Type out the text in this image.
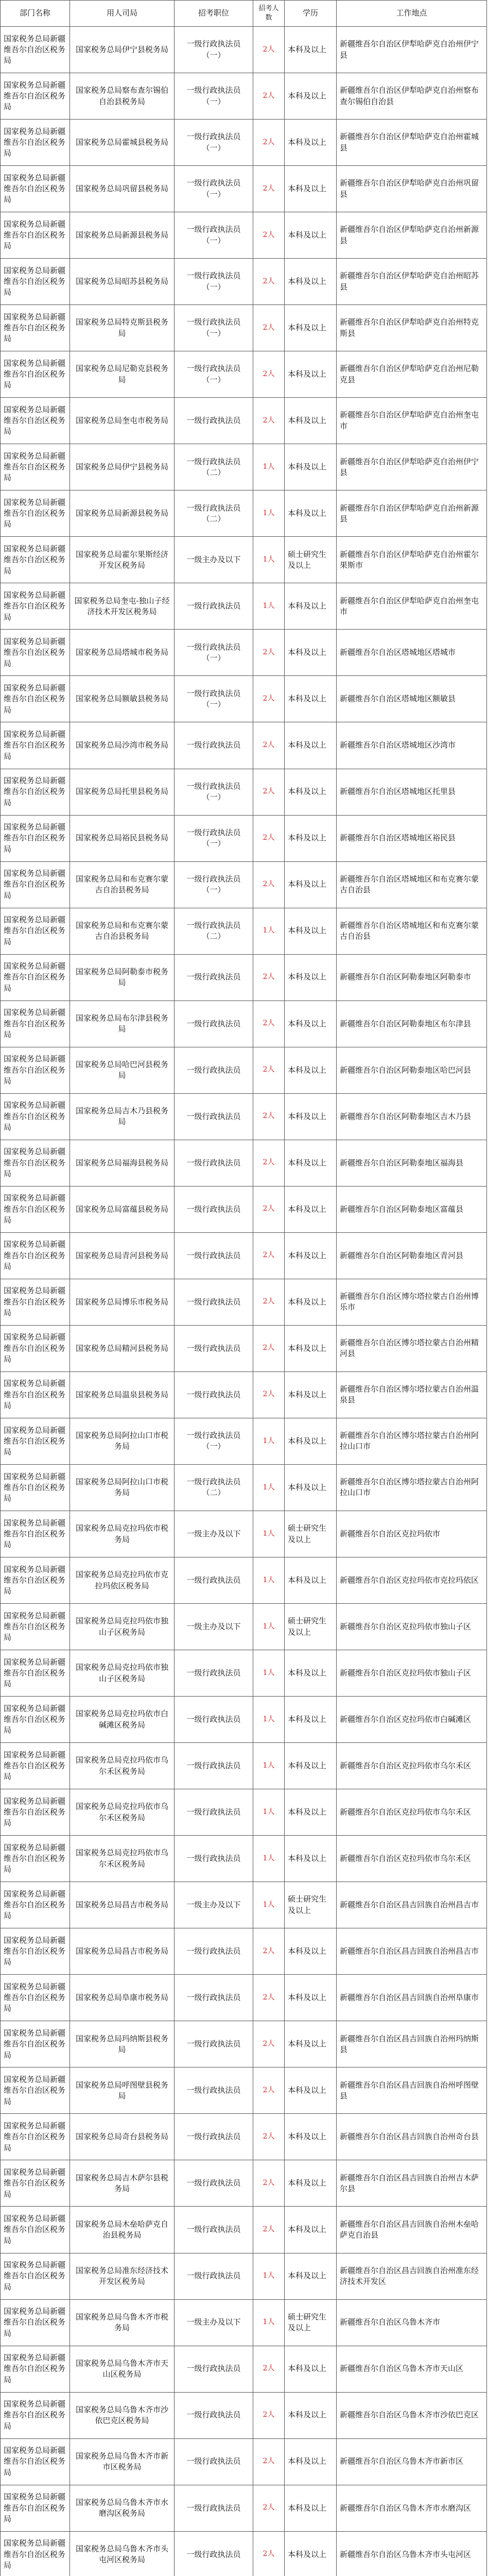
部门名称	用人司局	招考职位	招考人数	学历	工作地点
国家税务总局新疆维吾尔自治区税务局	国家税务总局伊宁县税务局	一级行政执法员（一）	2人	本科及以上	新疆维吾尔自治区伊犁哈萨克自治州伊宁县
国家税务总局新疆维吾尔自治区税务局	国家税务总局察布查尔锡伯自治县税务局	一级行政执法员（一）	2人	本科及以上	新疆维吾尔自治区伊犁哈萨克自治州察布查尔锡伯自治县
国家税务总局新疆维吾尔自治区税务局	国家税务总局霍城县税务局	一级行政执法员（一）	2人	本科及以上	新疆维吾尔自治区伊犁哈萨克自治州霍城县
国家税务总局新疆维吾尔自治区税务局	国家税务总局巩留县税务局	一级行政执法员（一）	2人	本科及以上	新疆维吾尔自治区伊犁哈萨克自治州巩留县
国家税务总局新疆维吾尔自治区税务局	国家税务总局新源县税务局	一级行政执法员（一）	2人	本科及以上	新疆维吾尔自治区伊犁哈萨克自治州新源县
国家税务总局新疆维吾尔自治区税务局	国家税务总局昭苏县税务局	一级行政执法员（一）	2人	本科及以上	新疆维吾尔自治区伊犁哈萨克自治州昭苏县
国家税务总局新疆维吾尔自治区税务局	国家税务总局特克斯县税务局	一级行政执法员（一）	2人	本科及以上	新疆维吾尔自治区伊犁哈萨克自治州特克斯县
国家税务总局新疆维吾尔自治区税务局	国家税务总局尼勒克县税务局	一级行政执法员（一）	2人	本科及以上	新疆维吾尔自治区伊犁哈萨克自治州尼勒克县
国家税务总局新疆维吾尔自治区税务局	国家税务总局奎屯市税务局	一级行政执法员	2人	本科及以上	新疆维吾尔自治区伊犁哈萨克自治州奎屯市
国家税务总局新疆维吾尔自治区税务局	国家税务总局伊宁县税务局	一级行政执法员（二）	1人	本科及以上	新疆维吾尔自治区伊犁哈萨克自治州伊宁县
国家税务总局新疆维吾尔自治区税务局	国家税务总局新源县税务局	一级行政执法员（二）	1人	本科及以上	新疆维吾尔自治区伊犁哈萨克自治州新源县
国家税务总局新疆维吾尔自治区税务局	国家税务总局霍尔果斯经济开发区税务局	一级主办及以下	1人	硕士研究生及以上	新疆维吾尔自治区伊犁哈萨克自治州霍尔果斯市
国家税务总局新疆维吾尔自治区税务局	国家税务总局奎屯-独山子经济技术开发区税务局	一级行政执法员	1人	本科及以上	新疆维吾尔自治区伊犁哈萨克自治州奎屯市
国家税务总局新疆维吾尔自治区税务局	国家税务总局塔城市税务局	一级行政执法员（一）	2人	本科及以上	新疆维吾尔自治区塔城地区塔城市
国家税务总局新疆维吾尔自治区税务局	国家税务总局额敏县税务局	一级行政执法员（一）	2人	本科及以上	新疆维吾尔自治区塔城地区额敏县
国家税务总局新疆维吾尔自治区税务局	国家税务总局沙湾市税务局	一级行政执法员	2人	本科及以上	新疆维吾尔自治区塔城地区沙湾市
国家税务总局新疆维吾尔自治区税务局	国家税务总局托里县税务局	一级行政执法员（一）	2人	本科及以上	新疆维吾尔自治区塔城地区托里县
国家税务总局新疆维吾尔自治区税务局	国家税务总局裕民县税务局	一级行政执法员（一）	2人	本科及以上	新疆维吾尔自治区塔城地区裕民县
国家税务总局新疆维吾尔自治区税务局	国家税务总局和布克赛尔蒙古自治县税务局	一级行政执法员（一）	2人	本科及以上	新疆维吾尔自治区塔城地区和布克赛尔蒙古自治县
国家税务总局新疆维吾尔自治区税务局	国家税务总局和布克赛尔蒙古自治县税务局	一级行政执法员（二）	1人	本科及以上	新疆维吾尔自治区塔城地区和布克赛尔蒙古自治县
国家税务总局新疆维吾尔自治区税务局	国家税务总局阿勒泰市税务局	一级行政执法员	2人	本科及以上	新疆维吾尔自治区阿勒泰地区阿勒泰市
国家税务总局新疆维吾尔自治区税务局	国家税务总局布尔津县税务局	一级行政执法员	2人	本科及以上	新疆维吾尔自治区阿勒泰地区布尔津县
国家税务总局新疆维吾尔自治区税务局	国家税务总局哈巴河县税务局	一级行政执法员	2人	本科及以上	新疆维吾尔自治区阿勒泰地区哈巴河县
国家税务总局新疆维吾尔自治区税务局	国家税务总局吉木乃县税务局	一级行政执法员	2人	本科及以上	新疆维吾尔自治区阿勒泰地区吉木乃县
国家税务总局新疆维吾尔自治区税务局	国家税务总局福海县税务局	一级行政执法员	2人	本科及以上	新疆维吾尔自治区阿勒泰地区福海县
国家税务总局新疆维吾尔自治区税务局	国家税务总局富蕴县税务局	一级行政执法员	2人	本科及以上	新疆维吾尔自治区阿勒泰地区富蕴县
国家税务总局新疆维吾尔自治区税务局	国家税务总局青河县税务局	一级行政执法员	2人	本科及以上	新疆维吾尔自治区阿勒泰地区青河县
国家税务总局新疆维吾尔自治区税务局	国家税务总局博乐市税务局	一级行政执法员	2人	本科及以上	新疆维吾尔自治区博尔塔拉蒙古自治州博乐市
国家税务总局新疆维吾尔自治区税务局	国家税务总局精河县税务局	一级行政执法员	2人	本科及以上	新疆维吾尔自治区博尔塔拉蒙古自治州精河县
国家税务总局新疆维吾尔自治区税务局	国家税务总局温泉县税务局	一级行政执法员	2人	本科及以上	新疆维吾尔自治区博尔塔拉蒙古自治州温泉县
国家税务总局新疆维吾尔自治区税务局	国家税务总局阿拉山口市税务局	一级行政执法员（一）	1人	本科及以上	新疆维吾尔自治区博尔塔拉蒙古自治州阿拉山口市
国家税务总局新疆维吾尔自治区税务局	国家税务总局阿拉山口市税务局	一级行政执法员（二）	1人	本科及以上	新疆维吾尔自治区博尔塔拉蒙古自治州阿拉山口市
国家税务总局新疆维吾尔自治区税务局	国家税务总局克拉玛依市税务局	一级主办及以下	1人	硕士研究生及以上	新疆维吾尔自治区克拉玛依市
国家税务总局新疆维吾尔自治区税务局	国家税务总局克拉玛依市克拉玛依区税务局	一级行政执法员	1人	本科及以上	新疆维吾尔自治区克拉玛依市克拉玛依区
国家税务总局新疆维吾尔自治区税务局	国家税务总局克拉玛依市独山子区税务局	一级主办及以下	1人	硕士研究生及以上	新疆维吾尔自治区克拉玛依市独山子区
国家税务总局新疆维吾尔自治区税务局	国家税务总局克拉玛依市独山子区税务局	一级行政执法员	1人	本科及以上	新疆维吾尔自治区克拉玛依市独山子区
国家税务总局新疆维吾尔自治区税务局	国家税务总局克拉玛依市白碱滩区税务局	一级行政执法员	1人	本科及以上	新疆维吾尔自治区克拉玛依市白碱滩区
国家税务总局新疆维吾尔自治区税务局	国家税务总局克拉玛依市乌尔禾区税务局	一级行政执法员	1人	本科及以上	新疆维吾尔自治区克拉玛依市乌尔禾区
国家税务总局新疆维吾尔自治区税务局	国家税务总局克拉玛依市乌尔禾区税务局	一级行政执法员	1人	本科及以上	新疆维吾尔自治区克拉玛依市乌尔禾区
国家税务总局新疆维吾尔自治区税务局	国家税务总局克拉玛依市乌尔禾区税务局	一级行政执法员	1人	本科及以上	新疆维吾尔自治区克拉玛依市乌尔禾区
国家税务总局新疆维吾尔自治区税务局	国家税务总局昌吉市税务局	一级主办及以下	1人	硕士研究生及以上	新疆维吾尔自治区昌吉回族自治州昌吉市
国家税务总局新疆维吾尔自治区税务局	国家税务总局昌吉市税务局	一级行政执法员	2人	本科及以上	新疆维吾尔自治区昌吉回族自治州昌吉市
国家税务总局新疆维吾尔自治区税务局	国家税务总局阜康市税务局	一级行政执法员	2人	本科及以上	新疆维吾尔自治区昌吉回族自治州阜康市
国家税务总局新疆维吾尔自治区税务局	国家税务总局玛纳斯县税务局	一级行政执法员	2人	本科及以上	新疆维吾尔自治区昌吉回族自治州玛纳斯县
国家税务总局新疆维吾尔自治区税务局	国家税务总局呼图壁县税务局	一级行政执法员	2人	本科及以上	新疆维吾尔自治区昌吉回族自治州呼图壁县
国家税务总局新疆维吾尔自治区税务局	国家税务总局奇台县税务局	一级行政执法员	2人	本科及以上	新疆维吾尔自治区昌吉回族自治州奇台县
国家税务总局新疆维吾尔自治区税务局	国家税务总局吉木萨尔县税务局	一级行政执法员	2人	本科及以上	新疆维吾尔自治区昌吉回族自治州吉木萨尔县
国家税务总局新疆维吾尔自治区税务局	国家税务总局木垒哈萨克自治县税务局	一级行政执法员	2人	本科及以上	新疆维吾尔自治区昌吉回族自治州木垒哈萨克自治县
国家税务总局新疆维吾尔自治区税务局	国家税务总局准东经济技术开发区税务局	一级行政执法员	1人	本科及以上	新疆维吾尔自治区昌吉回族自治州准东经济技术开发区
国家税务总局新疆维吾尔自治区税务局	国家税务总局乌鲁木齐市税务局	一级主办及以下	1人	硕士研究生及以上	新疆维吾尔自治区乌鲁木齐市
国家税务总局新疆维吾尔自治区税务局	国家税务总局乌鲁木齐市天山区税务局	一级行政执法员	2人	本科及以上	新疆维吾尔自治区乌鲁木齐市天山区
国家税务总局新疆维吾尔自治区税务局	国家税务总局乌鲁木齐市沙依巴克区税务局	一级行政执法员	2人	本科及以上	新疆维吾尔自治区乌鲁木齐市沙依巴克区
国家税务总局新疆维吾尔自治区税务局	国家税务总局乌鲁木齐市新市区税务局	一级行政执法员	2人	本科及以上	新疆维吾尔自治区乌鲁木齐市新市区
国家税务总局新疆维吾尔自治区税务局	国家税务总局乌鲁木齐市水磨沟区税务局	一级行政执法员	2人	本科及以上	新疆维吾尔自治区乌鲁木齐市水磨沟区
国家税务总局新疆维吾尔自治区税务局	国家税务总局乌鲁木齐市头屯河区税务局	一级行政执法员	2人	本科及以上	新疆维吾尔自治区乌鲁木齐市头屯河区
